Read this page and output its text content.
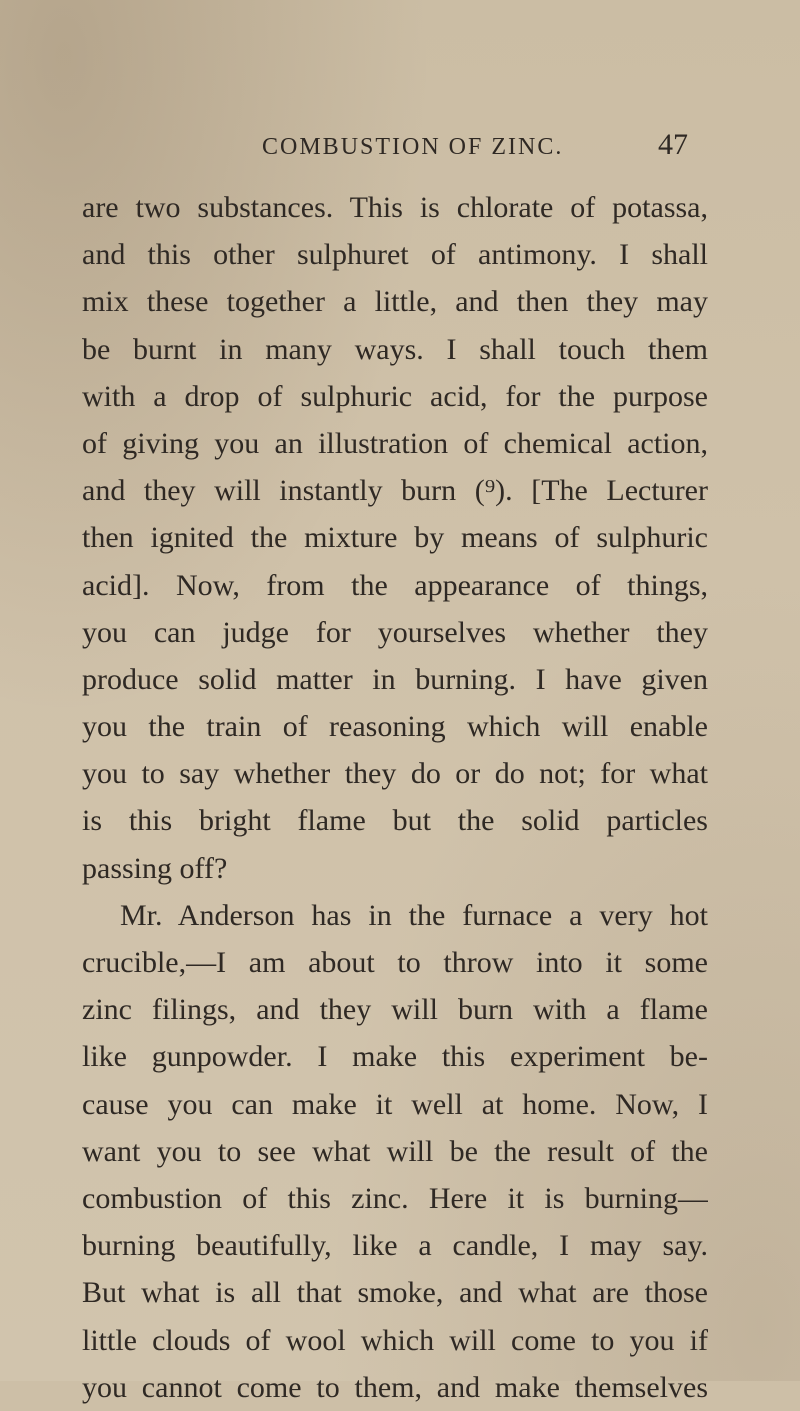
COMBUSTION OF ZINC.	47
are two substances. This is chlorate of potassa,
and this other sulphuret of antimony. I shall
mix these together a little, and then they may
be burnt in many ways. I shall touch them
with a drop of sulphuric acid, for the purpose
of giving you an illustration of chemical action,
and they will instantly burn (⁹). [The Lecturer
then ignited the mixture by means of sulphuric
acid]. Now, from the appearance of things,
you can judge for yourselves whether they
produce solid matter in burning. I have given
you the train of reasoning which will enable
you to say whether they do or do not; for what
is this bright flame but the solid particles
passing off?
Mr. Anderson has in the furnace a very hot
crucible,—I am about to throw into it some
zinc filings, and they will burn with a flame
like gunpowder. I make this experiment be-
cause you can make it well at home. Now, I
want you to see what will be the result of the
combustion of this zinc. Here it is burning—
burning beautifully, like a candle, I may say.
But what is all that smoke, and what are those
little clouds of wool which will come to you if
you cannot come to them, and make themselves
